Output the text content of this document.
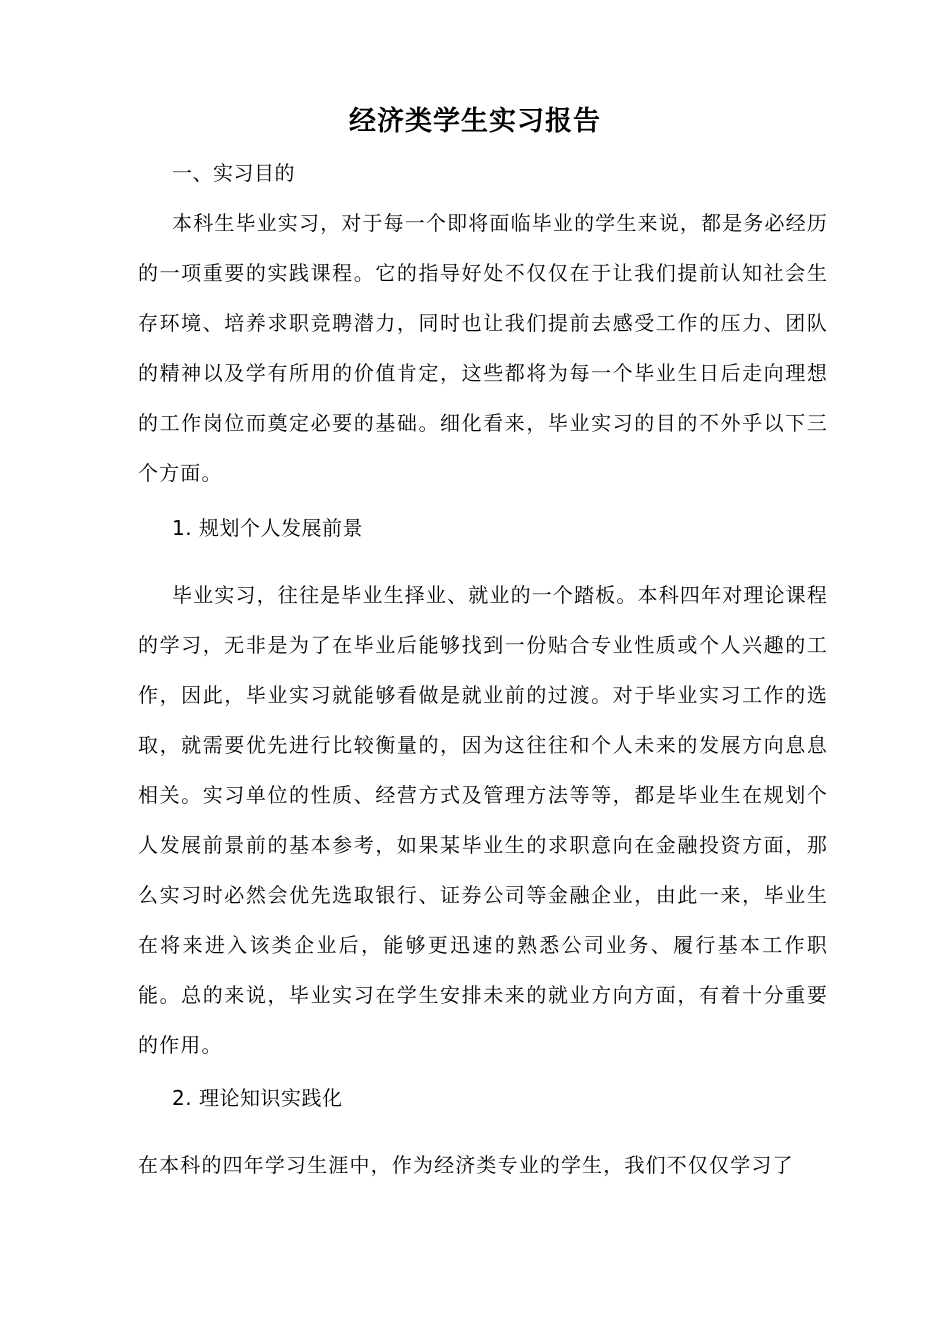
经济类学生实习报告
一、实习目的
本科生毕业实习，对于每一个即将面临毕业的学生来说，都是务必经历的一项重要的实践课程。它的指导好处不仅仅在于让我们提前认知社会生存环境、培养求职竞聘潜力，同时也让我们提前去感受工作的压力、团队的精神以及学有所用的价值肯定，这些都将为每一个毕业生日后走向理想的工作岗位而奠定必要的基础。细化看来，毕业实习的目的不外乎以下三个方面。
1. 规划个人发展前景
毕业实习，往往是毕业生择业、就业的一个踏板。本科四年对理论课程的学习，无非是为了在毕业后能够找到一份贴合专业性质或个人兴趣的工作，因此，毕业实习就能够看做是就业前的过渡。对于毕业实习工作的选取，就需要优先进行比较衡量的，因为这往往和个人未来的发展方向息息相关。实习单位的性质、经营方式及管理方法等等，都是毕业生在规划个人发展前景前的基本参考，如果某毕业生的求职意向在金融投资方面，那么实习时必然会优先选取银行、证券公司等金融企业，由此一来，毕业生在将来进入该类企业后，能够更迅速的熟悉公司业务、履行基本工作职能。总的来说，毕业实习在学生安排未来的就业方向方面，有着十分重要的作用。
2. 理论知识实践化
在本科的四年学习生涯中，作为经济类专业的学生，我们不仅仅学习了
